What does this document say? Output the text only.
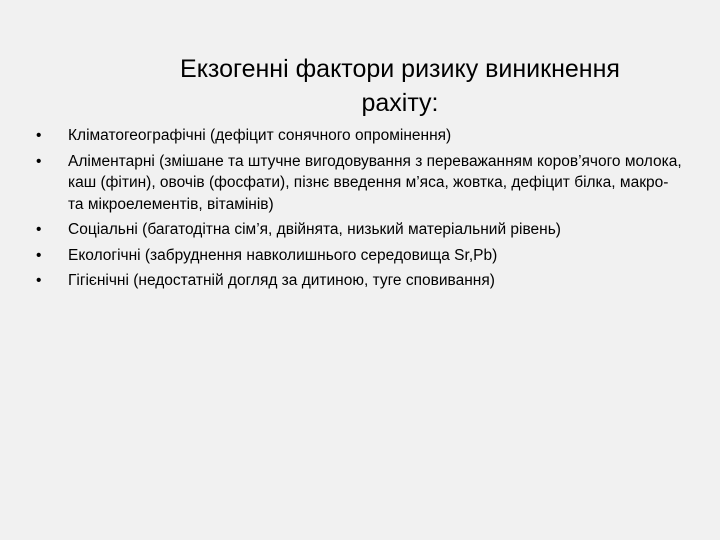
Екзогенні фактори ризику виникнення
рахіту:
•	Кліматогеографічні (дефіцит сонячного опромінення)
•	Аліментарні (змішане та штучне вигодовування з переважанням коров’ячого молока, каш (фітин), овочів (фосфати), пізнє введення м’яса, жовтка, дефіцит білка, макро- та мікроелементів, вітамінів)
•	Соціальні (багатодітна сім’я, двійнята, низький матеріальний рівень)
•	Екологічні (забруднення навколишнього середовища Sr,Pb)
•	Гігієнічні (недостатній догляд за дитиною, туге сповивання)
